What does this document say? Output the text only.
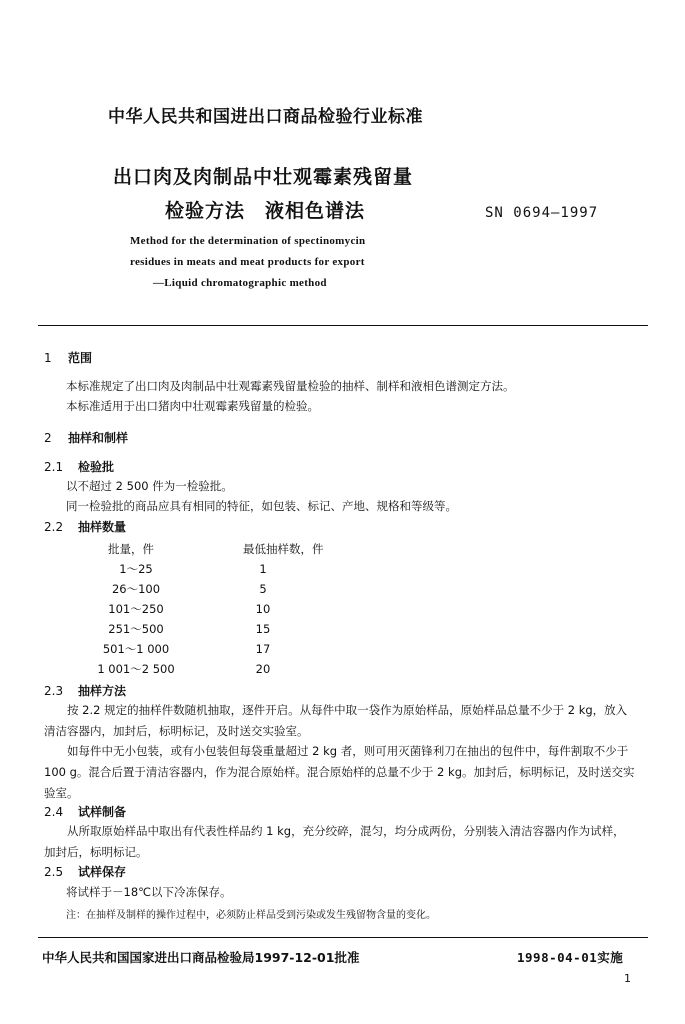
中华人民共和国进出口商品检验行业标准
出口肉及肉制品中壮观霉素残留量
检验方法　液相色谱法	SN 0694—1997
Method for the determination of spectinomycin
residues in meats and meat products for export
—Liquid chromatographic method
1 范围
本标准规定了出口肉及肉制品中壮观霉素残留量检验的抽样、制样和液相色谱测定方法。
本标准适用于出口猪肉中壮观霉素残留量的检验。
2 抽样和制样
2.1 检验批
以不超过 2 500 件为一检验批。
同一检验批的商品应具有相同的特征，如包装、标记、产地、规格和等级等。
2.2 抽样数量
批量，件	最低抽样数，件
1～25	1
26～100	5
101～250	10
251～500	15
501～1 000	17
1 001～2 500	20
2.3 抽样方法
按 2.2 规定的抽样件数随机抽取，逐件开启。从每件中取一袋作为原始样品，原始样品总量不少于 2 kg，放入清洁容器内，加封后，标明标记，及时送交实验室。
如每件中无小包装，或有小包装但每袋重量超过 2 kg 者，则可用灭菌锋利刀在抽出的包件中，每件割取不少于 100 g。混合后置于清洁容器内，作为混合原始样。混合原始样的总量不少于 2 kg。加封后，标明标记，及时送交实验室。
2.4 试样制备
从所取原始样品中取出有代表性样品约 1 kg，充分绞碎，混匀，均分成两份，分别装入清洁容器内作为试样，加封后，标明标记。
2.5 试样保存
将试样于－18℃以下冷冻保存。
注：在抽样及制样的操作过程中，必须防止样品受到污染或发生残留物含量的变化。
中华人民共和国国家进出口商品检验局1997-12-01批准	1998-04-01实施
1
